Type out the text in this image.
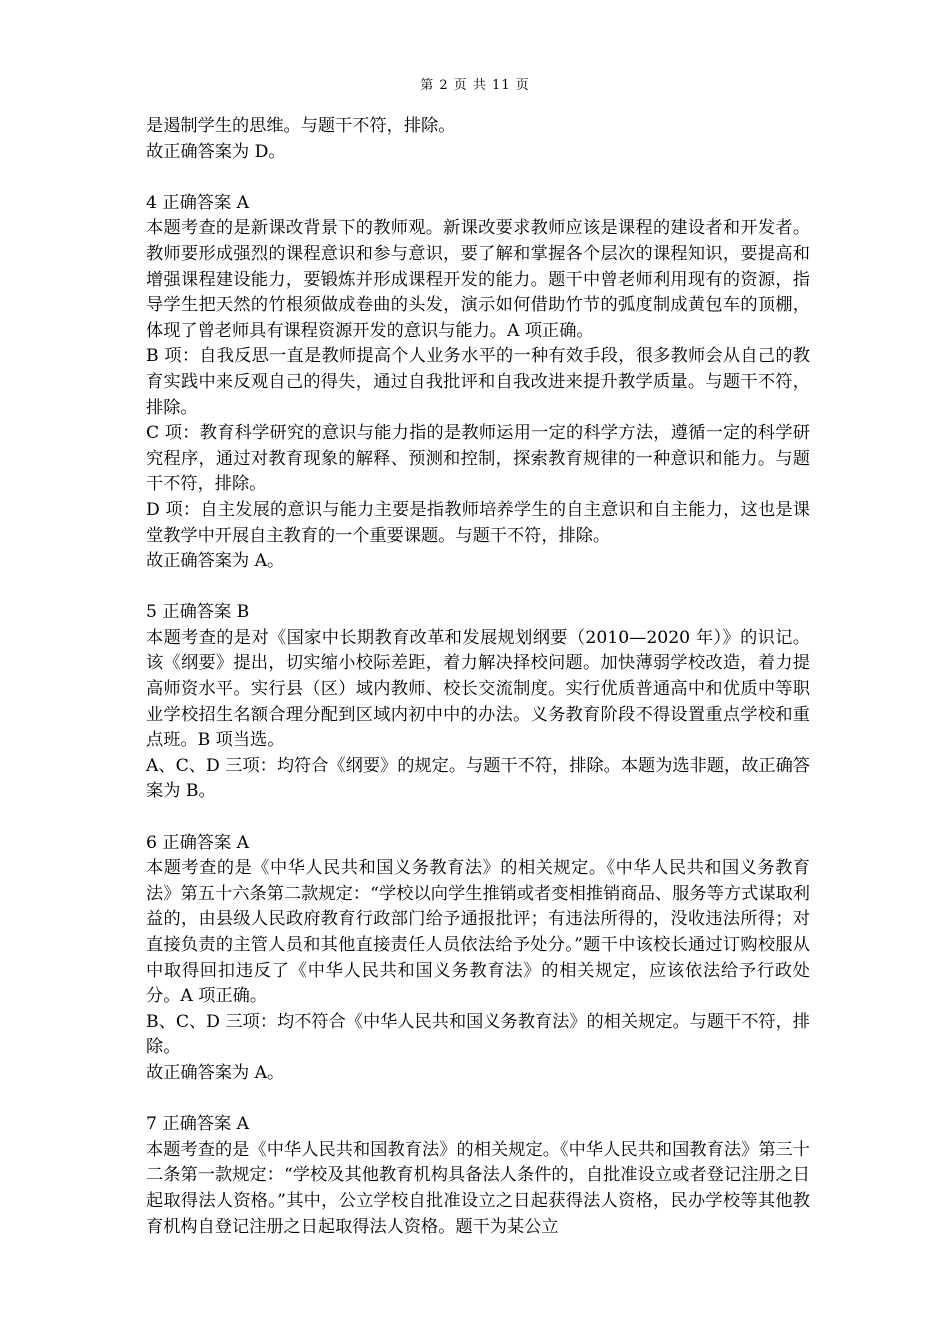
第 2 页 共 11 页

是遏制学生的思维。与题干不符，排除。

故正确答案为 D。

4 正确答案 A

本题考查的是新课改背景下的教师观。新课改要求教师应该是课程的建设者和开发者。教师要形成强烈的课程意识和参与意识，要了解和掌握各个层次的课程知识，要提高和增强课程建设能力，要锻炼并形成课程开发的能力。题干中曾老师利用现有的资源，指导学生把天然的竹根须做成卷曲的头发，演示如何借助竹节的弧度制成黄包车的顶棚，体现了曾老师具有课程资源开发的意识与能力。A 项正确。

B 项：自我反思一直是教师提高个人业务水平的一种有效手段，很多教师会从自己的教育实践中来反观自己的得失，通过自我批评和自我改进来提升教学质量。与题干不符，排除。

C 项：教育科学研究的意识与能力指的是教师运用一定的科学方法，遵循一定的科学研究程序，通过对教育现象的解释、预测和控制，探索教育规律的一种意识和能力。与题干不符，排除。

D 项：自主发展的意识与能力主要是指教师培养学生的自主意识和自主能力，这也是课堂教学中开展自主教育的一个重要课题。与题干不符，排除。

故正确答案为 A。

5 正确答案 B

本题考查的是对《国家中长期教育改革和发展规划纲要（2010—2020 年）》的识记。该《纲要》提出，切实缩小校际差距，着力解决择校问题。加快薄弱学校改造，着力提高师资水平。实行县（区）域内教师、校长交流制度。实行优质普通高中和优质中等职业学校招生名额合理分配到区域内初中中的办法。义务教育阶段不得设置重点学校和重点班。B 项当选。

A、C、D 三项：均符合《纲要》的规定。与题干不符，排除。本题为选非题，故正确答案为 B。

6 正确答案 A

本题考查的是《中华人民共和国义务教育法》的相关规定。《中华人民共和国义务教育法》第五十六条第二款规定：“学校以向学生推销或者变相推销商品、服务等方式谋取利益的，由县级人民政府教育行政部门给予通报批评；有违法所得的，没收违法所得；对直接负责的主管人员和其他直接责任人员依法给予处分。”题干中该校长通过订购校服从中取得回扣违反了《中华人民共和国义务教育法》的相关规定，应该依法给予行政处分。A 项正确。

B、C、D 三项：均不符合《中华人民共和国义务教育法》的相关规定。与题干不符，排除。

故正确答案为 A。

7 正确答案 A

本题考查的是《中华人民共和国教育法》的相关规定。《中华人民共和国教育法》第三十二条第一款规定：“学校及其他教育机构具备法人条件的，自批准设立或者登记注册之日起取得法人资格。”其中，公立学校自批准设立之日起获得法人资格，民办学校等其他教育机构自登记注册之日起取得法人资格。题干为某公立
